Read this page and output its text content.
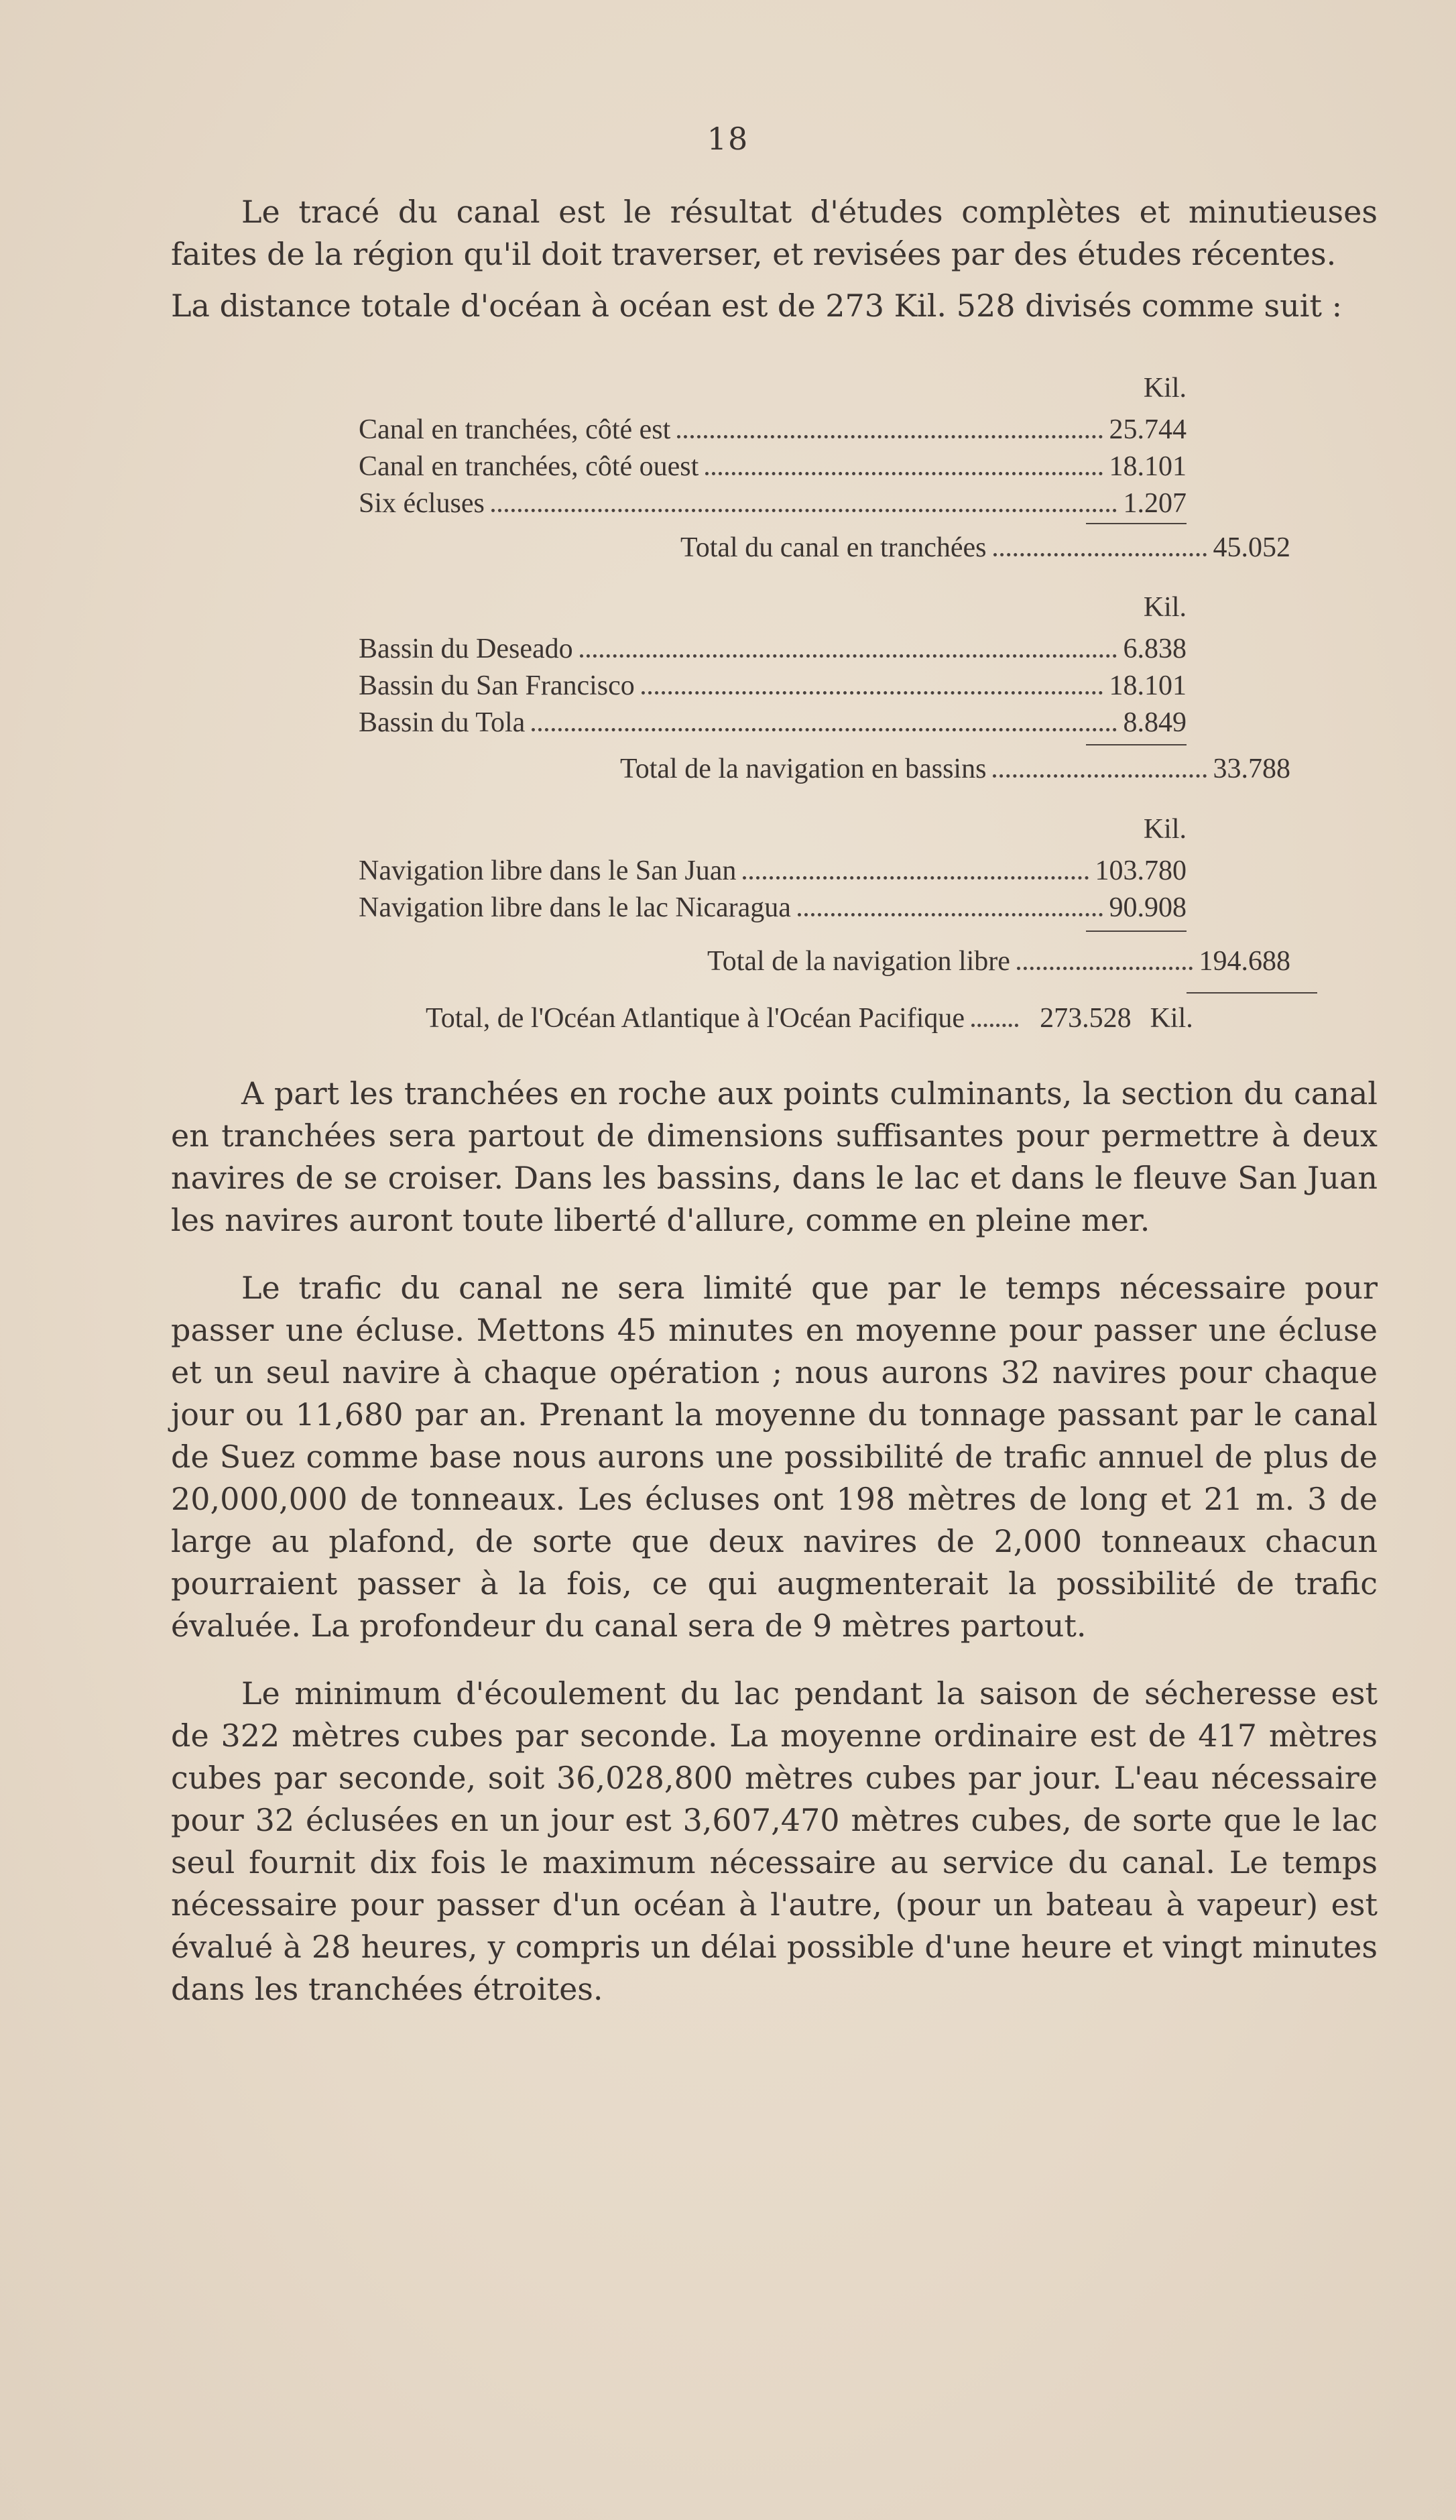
18

Le tracé du canal est le résultat d'études complètes et minutieuses faites de la région qu'il doit traverser, et revisées par des études récentes.

La distance totale d'océan à océan est de 273 Kil. 528 divisés comme suit :

Kil.
Canal en tranchées, côté est	25.744
Canal en tranchées, côté ouest	18.101
Six écluses	1.207
Total du canal en tranchées	45.052
Kil.
Bassin du Deseado	6.838
Bassin du San Francisco	18.101
Bassin du Tola	8.849
Total de la navigation en bassins	33.788
Kil.
Navigation libre dans le San Juan	103.780
Navigation libre dans le lac Nicaragua	90.908
Total de la navigation libre	194.688
Total, de l'Océan Atlantique à l'Océan Pacifique	273.528 Kil.

A part les tranchées en roche aux points culminants, la section du canal en tranchées sera partout de dimensions suffisantes pour permettre à deux navires de se croiser. Dans les bassins, dans le lac et dans le fleuve San Juan les navires auront toute liberté d'allure, comme en pleine mer.

Le trafic du canal ne sera limité que par le temps nécessaire pour passer une écluse. Mettons 45 minutes en moyenne pour passer une écluse et un seul navire à chaque opération ; nous aurons 32 navires pour chaque jour ou 11,680 par an. Prenant la moyenne du tonnage passant par le canal de Suez comme base nous aurons une possibilité de trafic annuel de plus de 20,000,000 de tonneaux. Les écluses ont 198 mètres de long et 21 m. 3 de large au plafond, de sorte que deux navires de 2,000 tonneaux chacun pourraient passer à la fois, ce qui augmenterait la possibilité de trafic évaluée. La profondeur du canal sera de 9 mètres partout.

Le minimum d'écoulement du lac pendant la saison de sécheresse est de 322 mètres cubes par seconde. La moyenne ordinaire est de 417 mètres cubes par seconde, soit 36,028,800 mètres cubes par jour. L'eau nécessaire pour 32 éclusées en un jour est 3,607,470 mètres cubes, de sorte que le lac seul fournit dix fois le maximum nécessaire au service du canal. Le temps nécessaire pour passer d'un océan à l'autre, (pour un bateau à vapeur) est évalué à 28 heures, y compris un délai possible d'une heure et vingt minutes dans les tranchées étroites.
